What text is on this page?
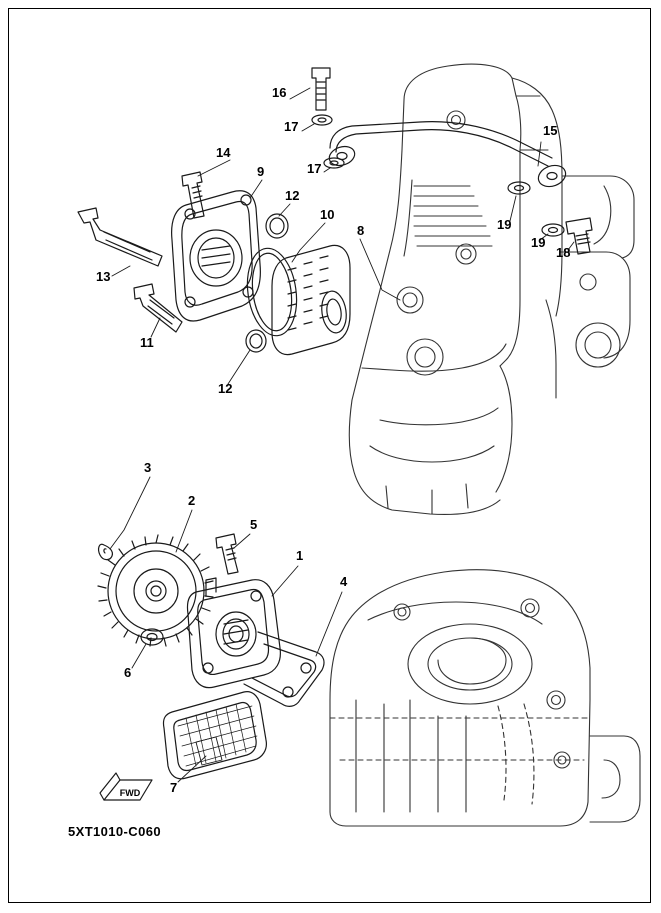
16
17
17
15
19
19
18
14
9
12
10
8
13
11
12
3
2
5
1
4
6
7
FWD
5XT1010-C060
